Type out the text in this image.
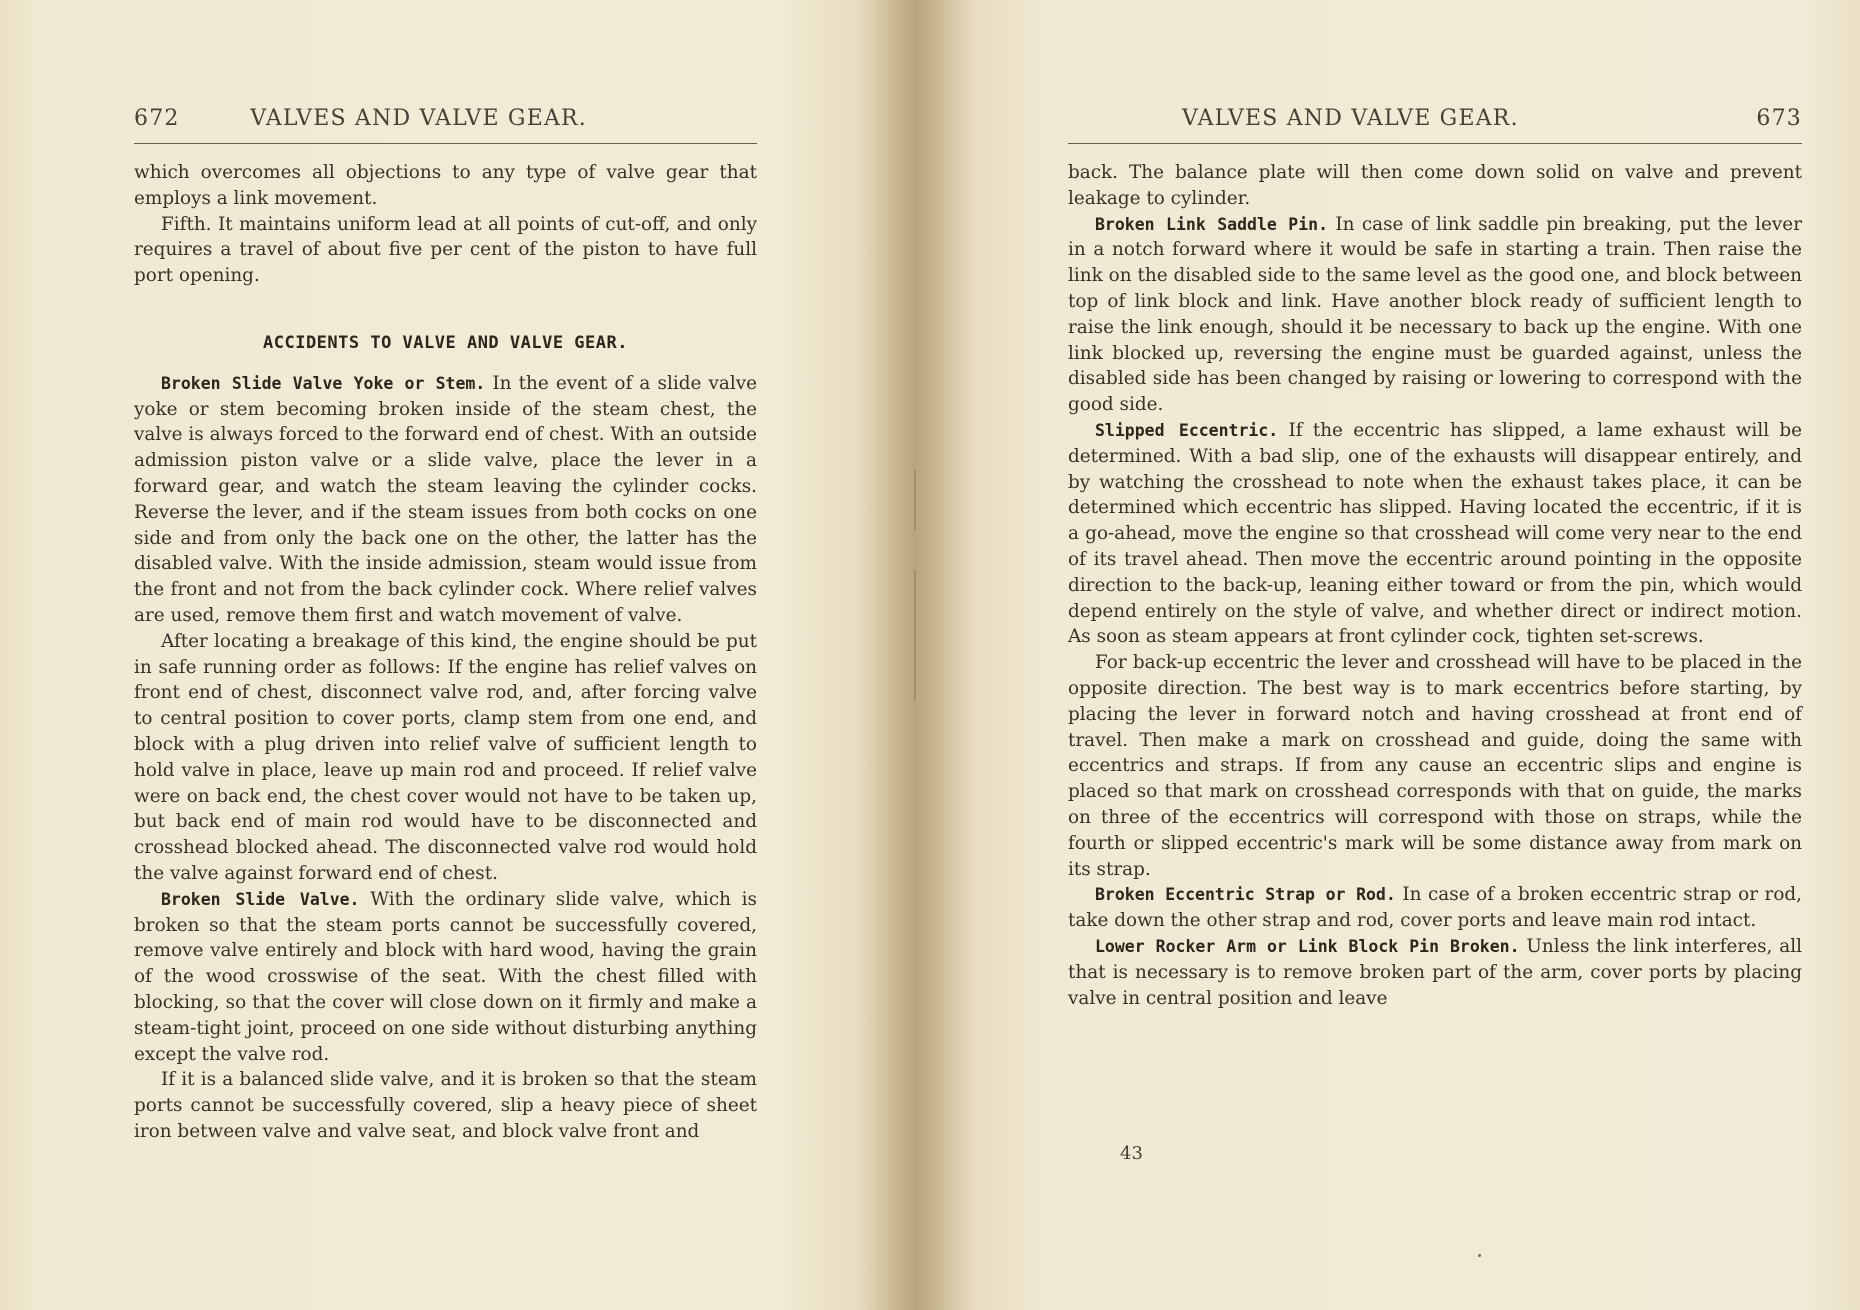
672	VALVES AND VALVE GEAR.

which overcomes all objections to any type of valve gear that employs a link movement.

Fifth. It maintains uniform lead at all points of cut-off, and only requires a travel of about five per cent of the piston to have full port opening.

ACCIDENTS TO VALVE AND VALVE GEAR.

Broken Slide Valve Yoke or Stem. In the event of a slide valve yoke or stem becoming broken inside of the steam chest, the valve is always forced to the forward end of chest. With an outside admission piston valve or a slide valve, place the lever in a forward gear, and watch the steam leaving the cylinder cocks. Reverse the lever, and if the steam issues from both cocks on one side and from only the back one on the other, the latter has the disabled valve. With the inside admission, steam would issue from the front and not from the back cylinder cock. Where relief valves are used, remove them first and watch movement of valve.

After locating a breakage of this kind, the engine should be put in safe running order as follows: If the engine has relief valves on front end of chest, disconnect valve rod, and, after forcing valve to central position to cover ports, clamp stem from one end, and block with a plug driven into relief valve of sufficient length to hold valve in place, leave up main rod and proceed. If relief valve were on back end, the chest cover would not have to be taken up, but back end of main rod would have to be disconnected and crosshead blocked ahead. The disconnected valve rod would hold the valve against forward end of chest.

Broken Slide Valve. With the ordinary slide valve, which is broken so that the steam ports cannot be successfully covered, remove valve entirely and block with hard wood, having the grain of the wood crosswise of the seat. With the chest filled with blocking, so that the cover will close down on it firmly and make a steam-tight joint, proceed on one side without disturbing anything except the valve rod.

If it is a balanced slide valve, and it is broken so that the steam ports cannot be successfully covered, slip a heavy piece of sheet iron between valve and valve seat, and block valve front and

VALVES AND VALVE GEAR.	673

back. The balance plate will then come down solid on valve and prevent leakage to cylinder.

Broken Link Saddle Pin. In case of link saddle pin breaking, put the lever in a notch forward where it would be safe in starting a train. Then raise the link on the disabled side to the same level as the good one, and block between top of link block and link. Have another block ready of sufficient length to raise the link enough, should it be necessary to back up the engine. With one link blocked up, reversing the engine must be guarded against, unless the disabled side has been changed by raising or lowering to correspond with the good side.

Slipped Eccentric. If the eccentric has slipped, a lame exhaust will be determined. With a bad slip, one of the exhausts will disappear entirely, and by watching the crosshead to note when the exhaust takes place, it can be determined which eccentric has slipped. Having located the eccentric, if it is a go-ahead, move the engine so that crosshead will come very near to the end of its travel ahead. Then move the eccentric around pointing in the opposite direction to the back-up, leaning either toward or from the pin, which would depend entirely on the style of valve, and whether direct or indirect motion. As soon as steam appears at front cylinder cock, tighten set-screws.

For back-up eccentric the lever and crosshead will have to be placed in the opposite direction. The best way is to mark eccentrics before starting, by placing the lever in forward notch and having crosshead at front end of travel. Then make a mark on crosshead and guide, doing the same with eccentrics and straps. If from any cause an eccentric slips and engine is placed so that mark on crosshead corresponds with that on guide, the marks on three of the eccentrics will correspond with those on straps, while the fourth or slipped eccentric's mark will be some distance away from mark on its strap.

Broken Eccentric Strap or Rod. In case of a broken eccentric strap or rod, take down the other strap and rod, cover ports and leave main rod intact.

Lower Rocker Arm or Link Block Pin Broken. Unless the link interferes, all that is necessary is to remove broken part of the arm, cover ports by placing valve in central position and leave

43
